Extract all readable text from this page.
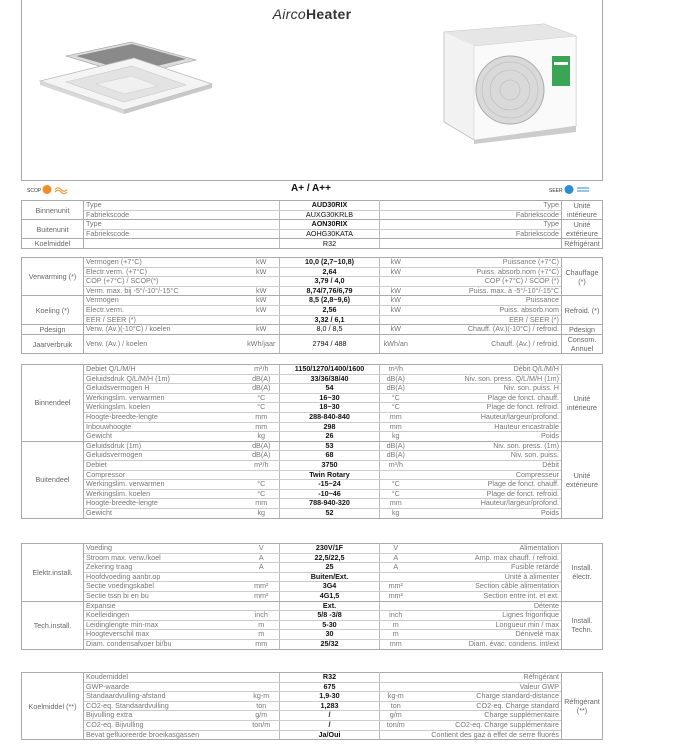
AircoHeater
SCOP	A+ / A++	SEER
Binnenunit	Type		AUD30RIX	Type		Unité intérieure
	Fabriekscode		AUXG30KRLB	Fabriekscode		
Buitenunit	Type		AON30RIX	Type		Unité extérieure
	Fabriekscode		AOHG30KATA	Fabriekscode		
Koelmiddel			R32			Réfrigérant
Verwarming (*)	Vermogen (+7°C)	kW	10,0 (2,7~10,8)	kW	Puissance (+7°C)	Chauffage (*)
	Electr.verm. (+7°C)	kW	2,64	kW	Puiss. absorb.nom (+7°C)	
	COP (+7°C) / SCOP(*)		3,79 / 4,0		COP (+7°C) / SCOP (*)	
	Verm. max. bij -5°/-10°/-15°C	kW	8,74/7,76/6,79	kW	Puiss. max. à -5°/-10°/-15°C	
Koeling (*)	Vermogen	kW	8,5 (2,8~9,6)	kW	Puissance	Refroid. (*)
	Electr.verm.	kW	2,56	kW	Puiss. absorb.nom	
	EER / SEER (*)		3,32 / 6,1		EER / SEER (*)	
Pdesign	Verw. (Av.)(-10°C) / koelen	kW	8,0 / 8,5	kW	Chauff. (Av.)(-10°C) / refroid.	Pdesign
Jaarverbruik	Verw. (Av.) / koelen	kWh/jaar	2794 / 488	kWh/an	Chauff. (Av.) / refroid.	Consom. Annuel
Binnendeel	Debiet Q/L/M/H	m³/h	1150/1270/1400/1600	m³/h	Débit Q/L/M/H	Unité intérieure
	Geluidsdruk Q/L/M/H (1m)	dB(A)	33/36/38/40	dB(A)	Niv. son. press. Q/L/M/H (1m)	
	Geluidsvermogen H	dB(A)	54	dB(A)	Niv. son. puiss. H	
	Werkingslim. verwarmen	°C	16~30	°C	Plage de fonct. chauff.	
	Werkingslim. koelen	°C	18~30	°C	Plage de fonct. refroid.	
	Hoogte-breedte-lengte	mm	288-840-840	mm	Hauteur/largeur/profond.	
	Inbouwhoogte	mm	298	mm	Hauteur encastrable	
	Gewicht	kg	26	kg	Poids	
Buitendeel	Geluidsdruk (1m)	dB(A)	53	dB(A)	Niv. son. press. (1m)	Unité extérieure
	Geluidsvermogen	dB(A)	68	dB(A)	Niv. son. puiss.	
	Debiet	m³/h	3750	m³/h	Débit	
	Compressor		Twin Rotary		Compresseur	
	Werkingslim. verwarmen	°C	-15~24	°C	Plage de fonct. chauff.	
	Werkingslim. koelen	°C	-10~46	°C	Plage de fonct. refroid.	
	Hoogte-breedte-lengte	mm	788-940-320	mm	Hauteur/largeur/profond.	
	Gewicht	kg	52	kg	Poids	
Elektr.install.	Voeding	V	230V/1F	V	Alimentation	Install. électr.
	Stroom max. verw./koel	A	22,5/22,5	A	Amp. max chauff. / refroid.	
	Zekering traag	A	25	A	Fusible retardé	
	Hoofdvoeding aanbr.op		Buiten/Ext.		Unité à alimenter	
	Sectie voedingskabel	mm²	3G4	mm²	Section câble alimentation	
	Sectie tssn bi en bu	mm²	4G1,5	mm²	Section entre int. et ext.	
Tech.install.	Expansie		Ext.		Détente	Install. Techn.
	Koelleidingen	inch	5/8 -3/8	inch	Lignes frigorifique	
	Leidinglengte min-max	m	5-30	m	Longueur min / max	
	Hoogteverschil max	m	30	m	Dénivelé max	
	Diam. condensafvoer bi/bu	mm	25/32	mm	Diam. évac. condens. int/ext	
Koelmiddel (**)	Koudemiddel		R32		Réfrigérant	Réfrigérant (**)
	GWP-waarde		675		Valeur GWP	
	Standaardvulling-afstand	kg-m	1,9-30	kg-m	Charge standard-distance	
	CO2-eq. Standaardvulling	ton	1,283	ton	CO2-eq. Charge standard	
	Bijvulling extra	g/m	/	g/m	Charge supplémentaire	
	CO2-eq. Bijvulling	ton/m	/	ton/m	CO2-eq. Charge supplémentaire	
	Bevat gefluoreerde broeikasgassen		Ja/Oui		Contient des gaz à effet de serre fluorés	
